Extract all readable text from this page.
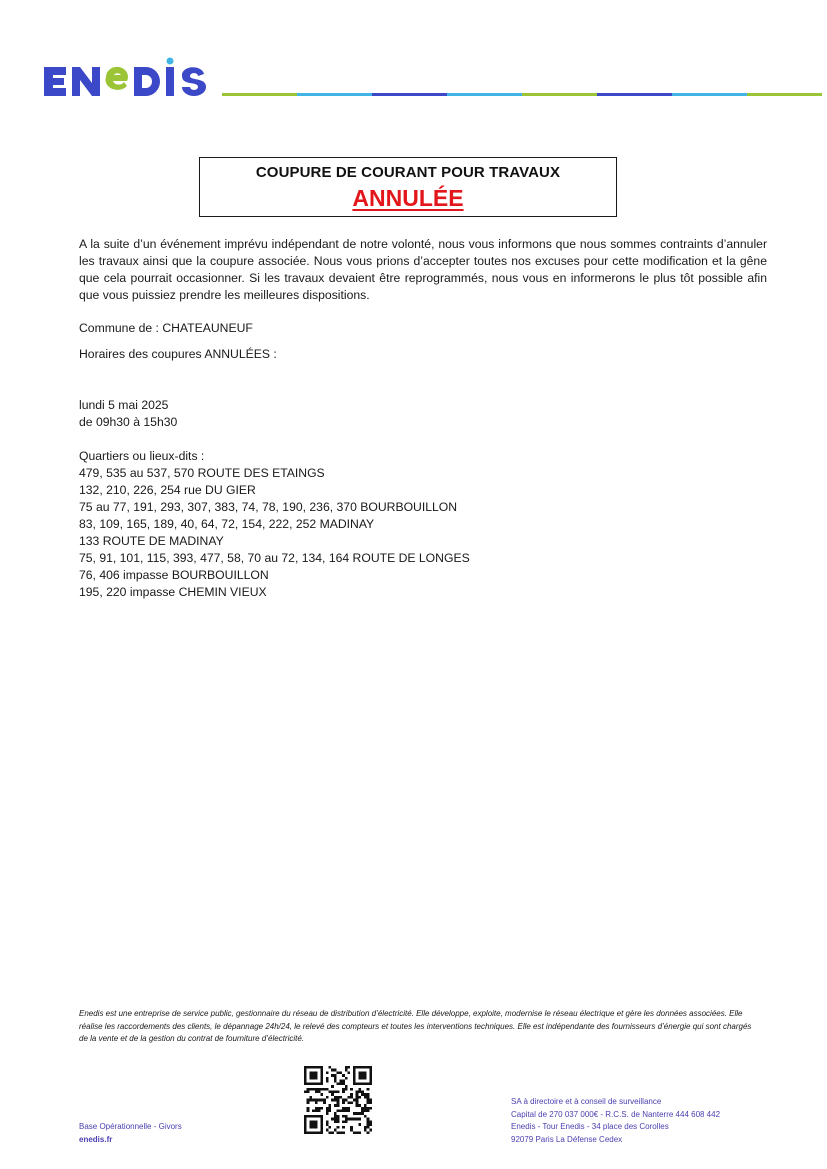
COUPURE DE COURANT POUR TRAVAUX
ANNULÉE

A la suite d’un événement imprévu indépendant de notre volonté, nous vous informons que nous sommes contraints d’annuler les travaux ainsi que la coupure associée. Nous vous prions d’accepter toutes nos excuses pour cette modification et la gêne que cela pourrait occasionner. Si les travaux devaient être reprogrammés, nous vous en informerons le plus tôt possible afin que vous puissiez prendre les meilleures dispositions.

Commune de : CHATEAUNEUF

Horaires des coupures ANNULÉES :

lundi 5 mai 2025

de 09h30 à 15h30

Quartiers ou lieux-dits :

479, 535 au 537, 570 ROUTE DES ETAINGS
132, 210, 226, 254 rue DU GIER
75 au 77, 191, 293, 307, 383, 74, 78, 190, 236, 370 BOURBOUILLON
83, 109, 165, 189, 40, 64, 72, 154, 222, 252 MADINAY
133 ROUTE DE MADINAY
75, 91, 101, 115, 393, 477, 58, 70 au 72, 134, 164 ROUTE DE LONGES
76, 406 impasse BOURBOUILLON
195, 220 impasse CHEMIN VIEUX

Enedis est une entreprise de service public, gestionnaire du réseau de distribution d’électricité. Elle développe, exploite, modernise le réseau électrique et gère les données associées. Elle réalise les raccordements des clients, le dépannage 24h/24, le relevé des compteurs et toutes les interventions techniques. Elle est indépendante des fournisseurs d’énergie qui sont chargés de la vente et de la gestion du contrat de fourniture d’électricité.

Base Opérationnelle - Givors
enedis.fr
SA à directoire et à conseil de surveillance
Capital de 270 037 000€ - R.C.S. de Nanterre 444 608 442
Enedis - Tour Enedis - 34 place des Corolles
92079 Paris La Défense Cedex
